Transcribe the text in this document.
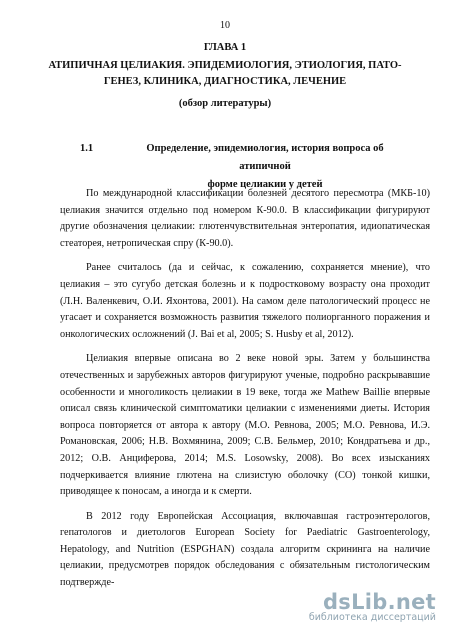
10
ГЛАВА 1
АТИПИЧНАЯ ЦЕЛИАКИЯ. ЭПИДЕМИОЛОГИЯ, ЭТИОЛОГИЯ, ПАТО-
ГЕНЕЗ, КЛИНИКА, ДИАГНОСТИКА, ЛЕЧЕНИЕ
(обзор литературы)
1.1	Определение, эпидемиология, история вопроса об атипичной
форме целиакии у детей

По международной классификации болезней десятого пересмотра (МКБ-10) целиакия значится отдельно под номером К-90.0. В классификации фигурируют другие обозначения целиакии: глютенчувствительная энтеропатия, идиопатическая стеаторея, нетропическая спру (К-90.0).

Ранее считалось (да и сейчас, к сожалению, сохраняется мнение), что целиакия – это сугубо детская болезнь и к подростковому возрасту она проходит (Л.Н. Валенкевич, О.И. Яхонтова, 2001). На самом деле патологический процесс не угасает и сохраняется возможность развития тяжелого полиорганного поражения и онкологических осложнений (J. Bai et al, 2005; S. Husby et al, 2012).

Целиакия впервые описана во 2 веке новой эры. Затем у большинства отечественных и зарубежных авторов фигурируют ученые, подробно раскрывавшие особенности и многоликость целиакии в 19 веке, тогда же Mathew Baillie впервые описал связь клинической симптоматики целиакии с изменениями диеты. История вопроса повторяется от автора к автору (М.О. Ревнова, 2005; М.О. Ревнова, И.Э. Романовская, 2006; Н.В. Вохмянина, 2009; С.В. Бельмер, 2010; Кондратьева и др., 2012; О.В. Анциферова, 2014; M.S. Losowsky, 2008). Во всех изысканиях подчеркивается влияние глютена на слизистую оболочку (СО) тонкой кишки, приводящее к поносам, а иногда и к смерти.

В 2012 году Европейская Ассоциация, включавшая гастроэнтерологов, гепатологов и диетологов European Society for Paediatric Gastroenterology, Hepatology, and Nutrition (ESPGHAN) создала алгоритм скрининга на наличие целиакии, предусмотрев порядок обследования с обязательным гистологическим подтвержде-

dsLib.net
библиотека диссертаций
